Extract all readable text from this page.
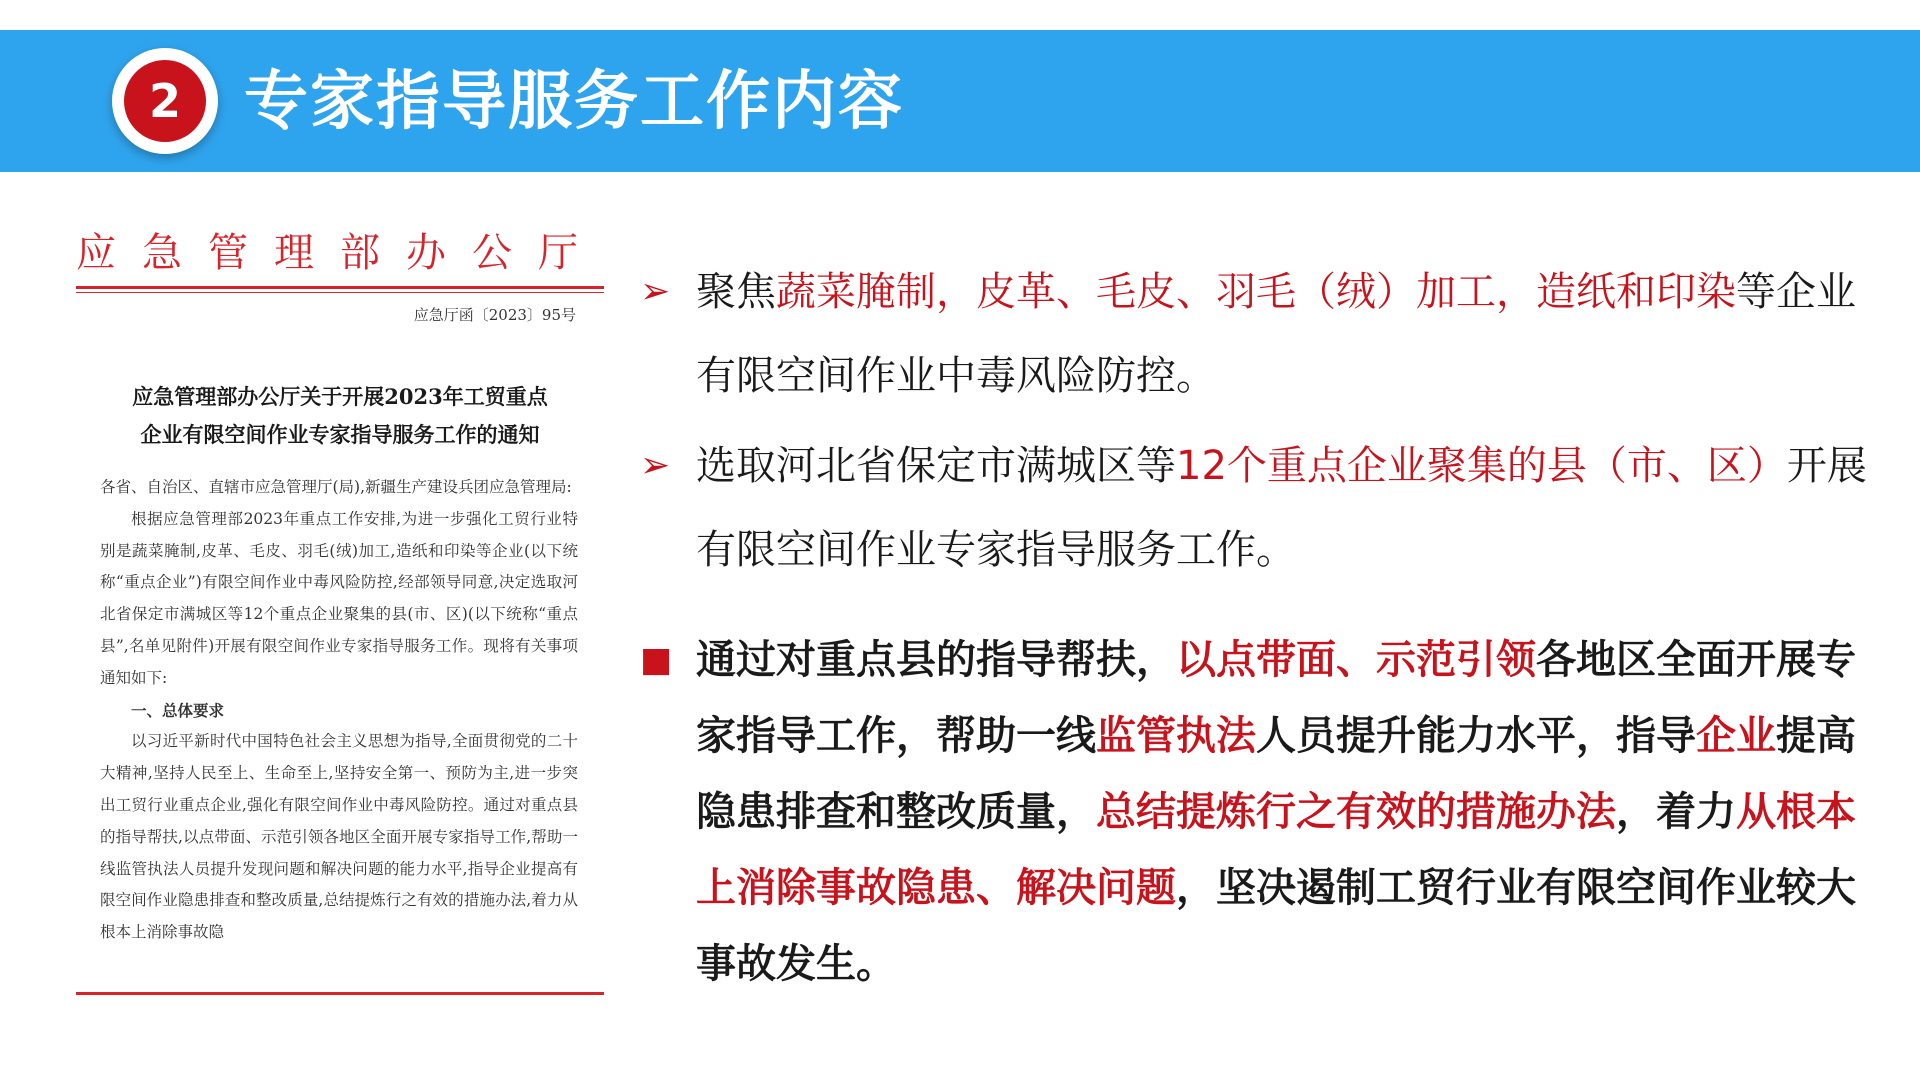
2 专家指导服务工作内容
应急管理部办公厅
应急厅函〔2023〕95号
应急管理部办公厅关于开展2023年工贸重点
企业有限空间作业专家指导服务工作的通知

各省、自治区、直辖市应急管理厅(局),新疆生产建设兵团应急管理局:

根据应急管理部2023年重点工作安排,为进一步强化工贸行业特别是蔬菜腌制,皮革、毛皮、羽毛(绒)加工,造纸和印染等企业(以下统称“重点企业”)有限空间作业中毒风险防控,经部领导同意,决定选取河北省保定市满城区等12个重点企业聚集的县(市、区)(以下统称“重点县”,名单见附件)开展有限空间作业专家指导服务工作。现将有关事项通知如下:

一、总体要求

以习近平新时代中国特色社会主义思想为指导,全面贯彻党的二十大精神,坚持人民至上、生命至上,坚持安全第一、预防为主,进一步突出工贸行业重点企业,强化有限空间作业中毒风险防控。通过对重点县的指导帮扶,以点带面、示范引领各地区全面开展专家指导工作,帮助一线监管执法人员提升发现问题和解决问题的能力水平,指导企业提高有限空间作业隐患排查和整改质量,总结提炼行之有效的措施办法,着力从根本上消除事故隐

➢ 聚焦蔬菜腌制，皮革、毛皮、羽毛（绒）加工，造纸和印染等企业有限空间作业中毒风险防控。
➢ 选取河北省保定市满城区等12个重点企业聚集的县（市、区）开展有限空间作业专家指导服务工作。
■ 通过对重点县的指导帮扶，以点带面、示范引领各地区全面开展专家指导工作，帮助一线监管执法人员提升能力水平，指导企业提高隐患排查和整改质量，总结提炼行之有效的措施办法，着力从根本上消除事故隐患、解决问题，坚决遏制工贸行业有限空间作业较大事故发生。
